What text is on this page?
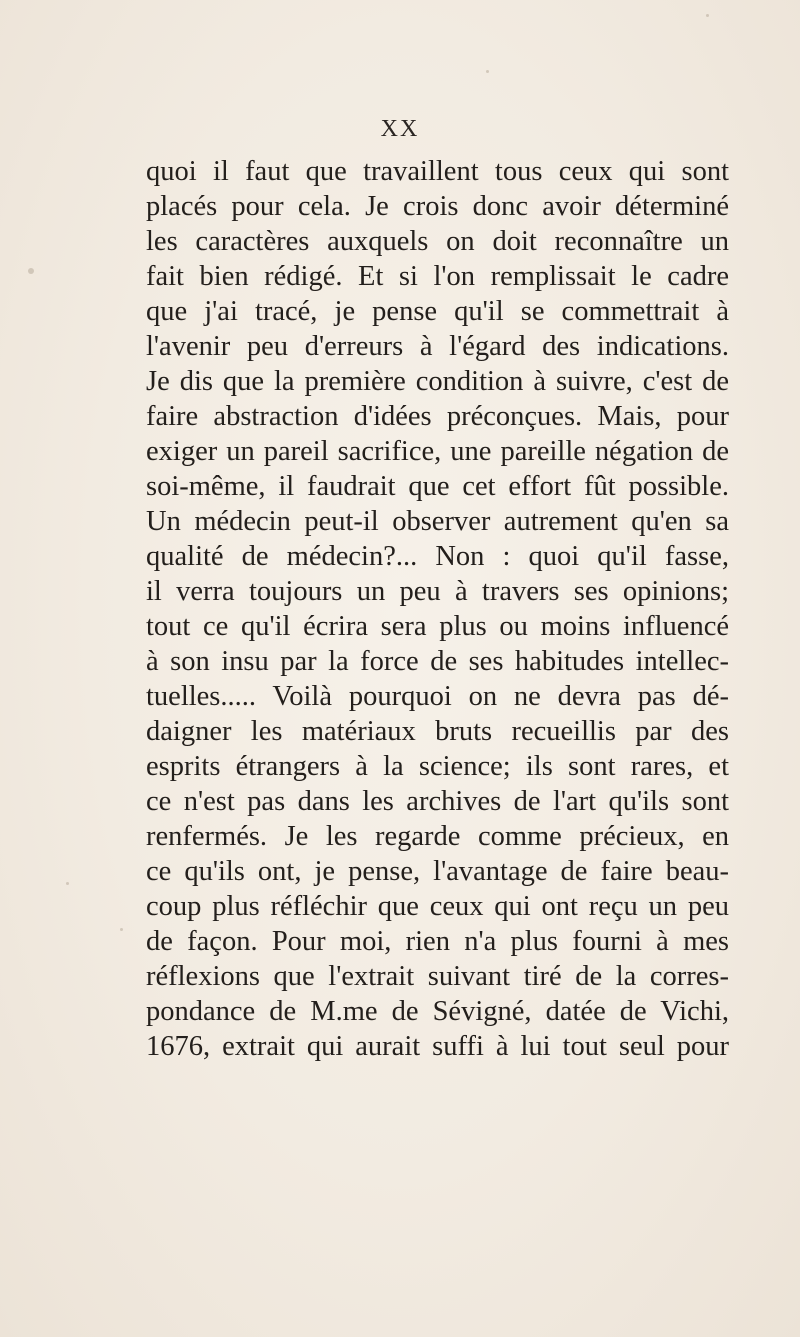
XX
quoi il faut que travaillent tous ceux qui sont
placés pour cela. Je crois donc avoir déterminé
les caractères auxquels on doit reconnaître un
fait bien rédigé. Et si l'on remplissait le cadre
que j'ai tracé, je pense qu'il se commettrait à
l'avenir peu d'erreurs à l'égard des indications.
Je dis que la première condition à suivre, c'est de
faire abstraction d'idées préconçues. Mais, pour
exiger un pareil sacrifice, une pareille négation de
soi-même, il faudrait que cet effort fût possible.
Un médecin peut-il observer autrement qu'en sa
qualité de médecin?... Non : quoi qu'il fasse,
il verra toujours un peu à travers ses opinions;
tout ce qu'il écrira sera plus ou moins influencé
à son insu par la force de ses habitudes intellec-
tuelles..... Voilà pourquoi on ne devra pas dé-
daigner les matériaux bruts recueillis par des
esprits étrangers à la science; ils sont rares, et
ce n'est pas dans les archives de l'art qu'ils sont
renfermés. Je les regarde comme précieux, en
ce qu'ils ont, je pense, l'avantage de faire beau-
coup plus réfléchir que ceux qui ont reçu un peu
de façon. Pour moi, rien n'a plus fourni à mes
réflexions que l'extrait suivant tiré de la corres-
pondance de M.me de Sévigné, datée de Vichi,
1676, extrait qui aurait suffi à lui tout seul pour
